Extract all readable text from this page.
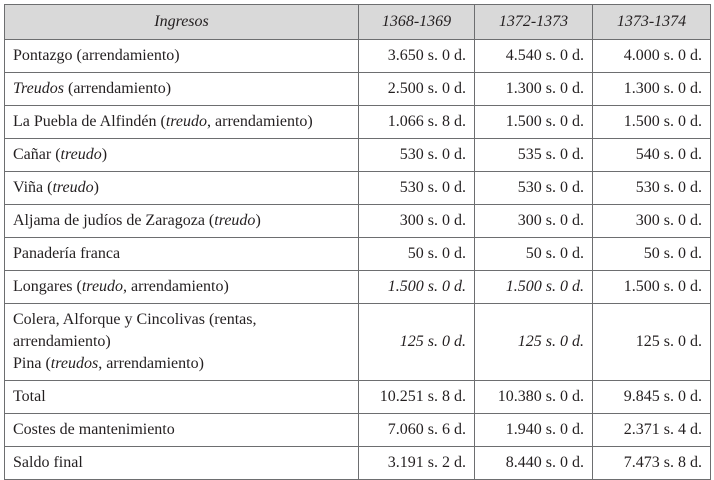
Ingresos	1368-1369	1372-1373	1373-1374
Pontazgo (arrendamiento)	3.650 s. 0 d.	4.540 s. 0 d.	4.000 s. 0 d.
Treudos (arrendamiento)	2.500 s. 0 d.	1.300 s. 0 d.	1.300 s. 0 d.
La Puebla de Alfindén (treudo, arrendamiento)	1.066 s. 8 d.	1.500 s. 0 d.	1.500 s. 0 d.
Cañar (treudo)	530 s. 0 d.	535 s. 0 d.	540 s. 0 d.
Viña (treudo)	530 s. 0 d.	530 s. 0 d.	530 s. 0 d.
Aljama de judíos de Zaragoza (treudo)	300 s. 0 d.	300 s. 0 d.	300 s. 0 d.
Panadería franca	50 s. 0 d.	50 s. 0 d.	50 s. 0 d.
Longares (treudo, arrendamiento)	1.500 s. 0 d.	1.500 s. 0 d.	1.500 s. 0 d.

Colera, Alforque y Cincolivas (rentas,
arrendamiento)
Pina (treudos, arrendamiento)	125 s. 0 d.	125 s. 0 d.	125 s. 0 d.
Total	10.251 s. 8 d.	10.380 s. 0 d.	9.845 s. 0 d.
Costes de mantenimiento	7.060 s. 6 d.	1.940 s. 0 d.	2.371 s. 4 d.
Saldo final	3.191 s. 2 d.	8.440 s. 0 d.	7.473 s. 8 d.
